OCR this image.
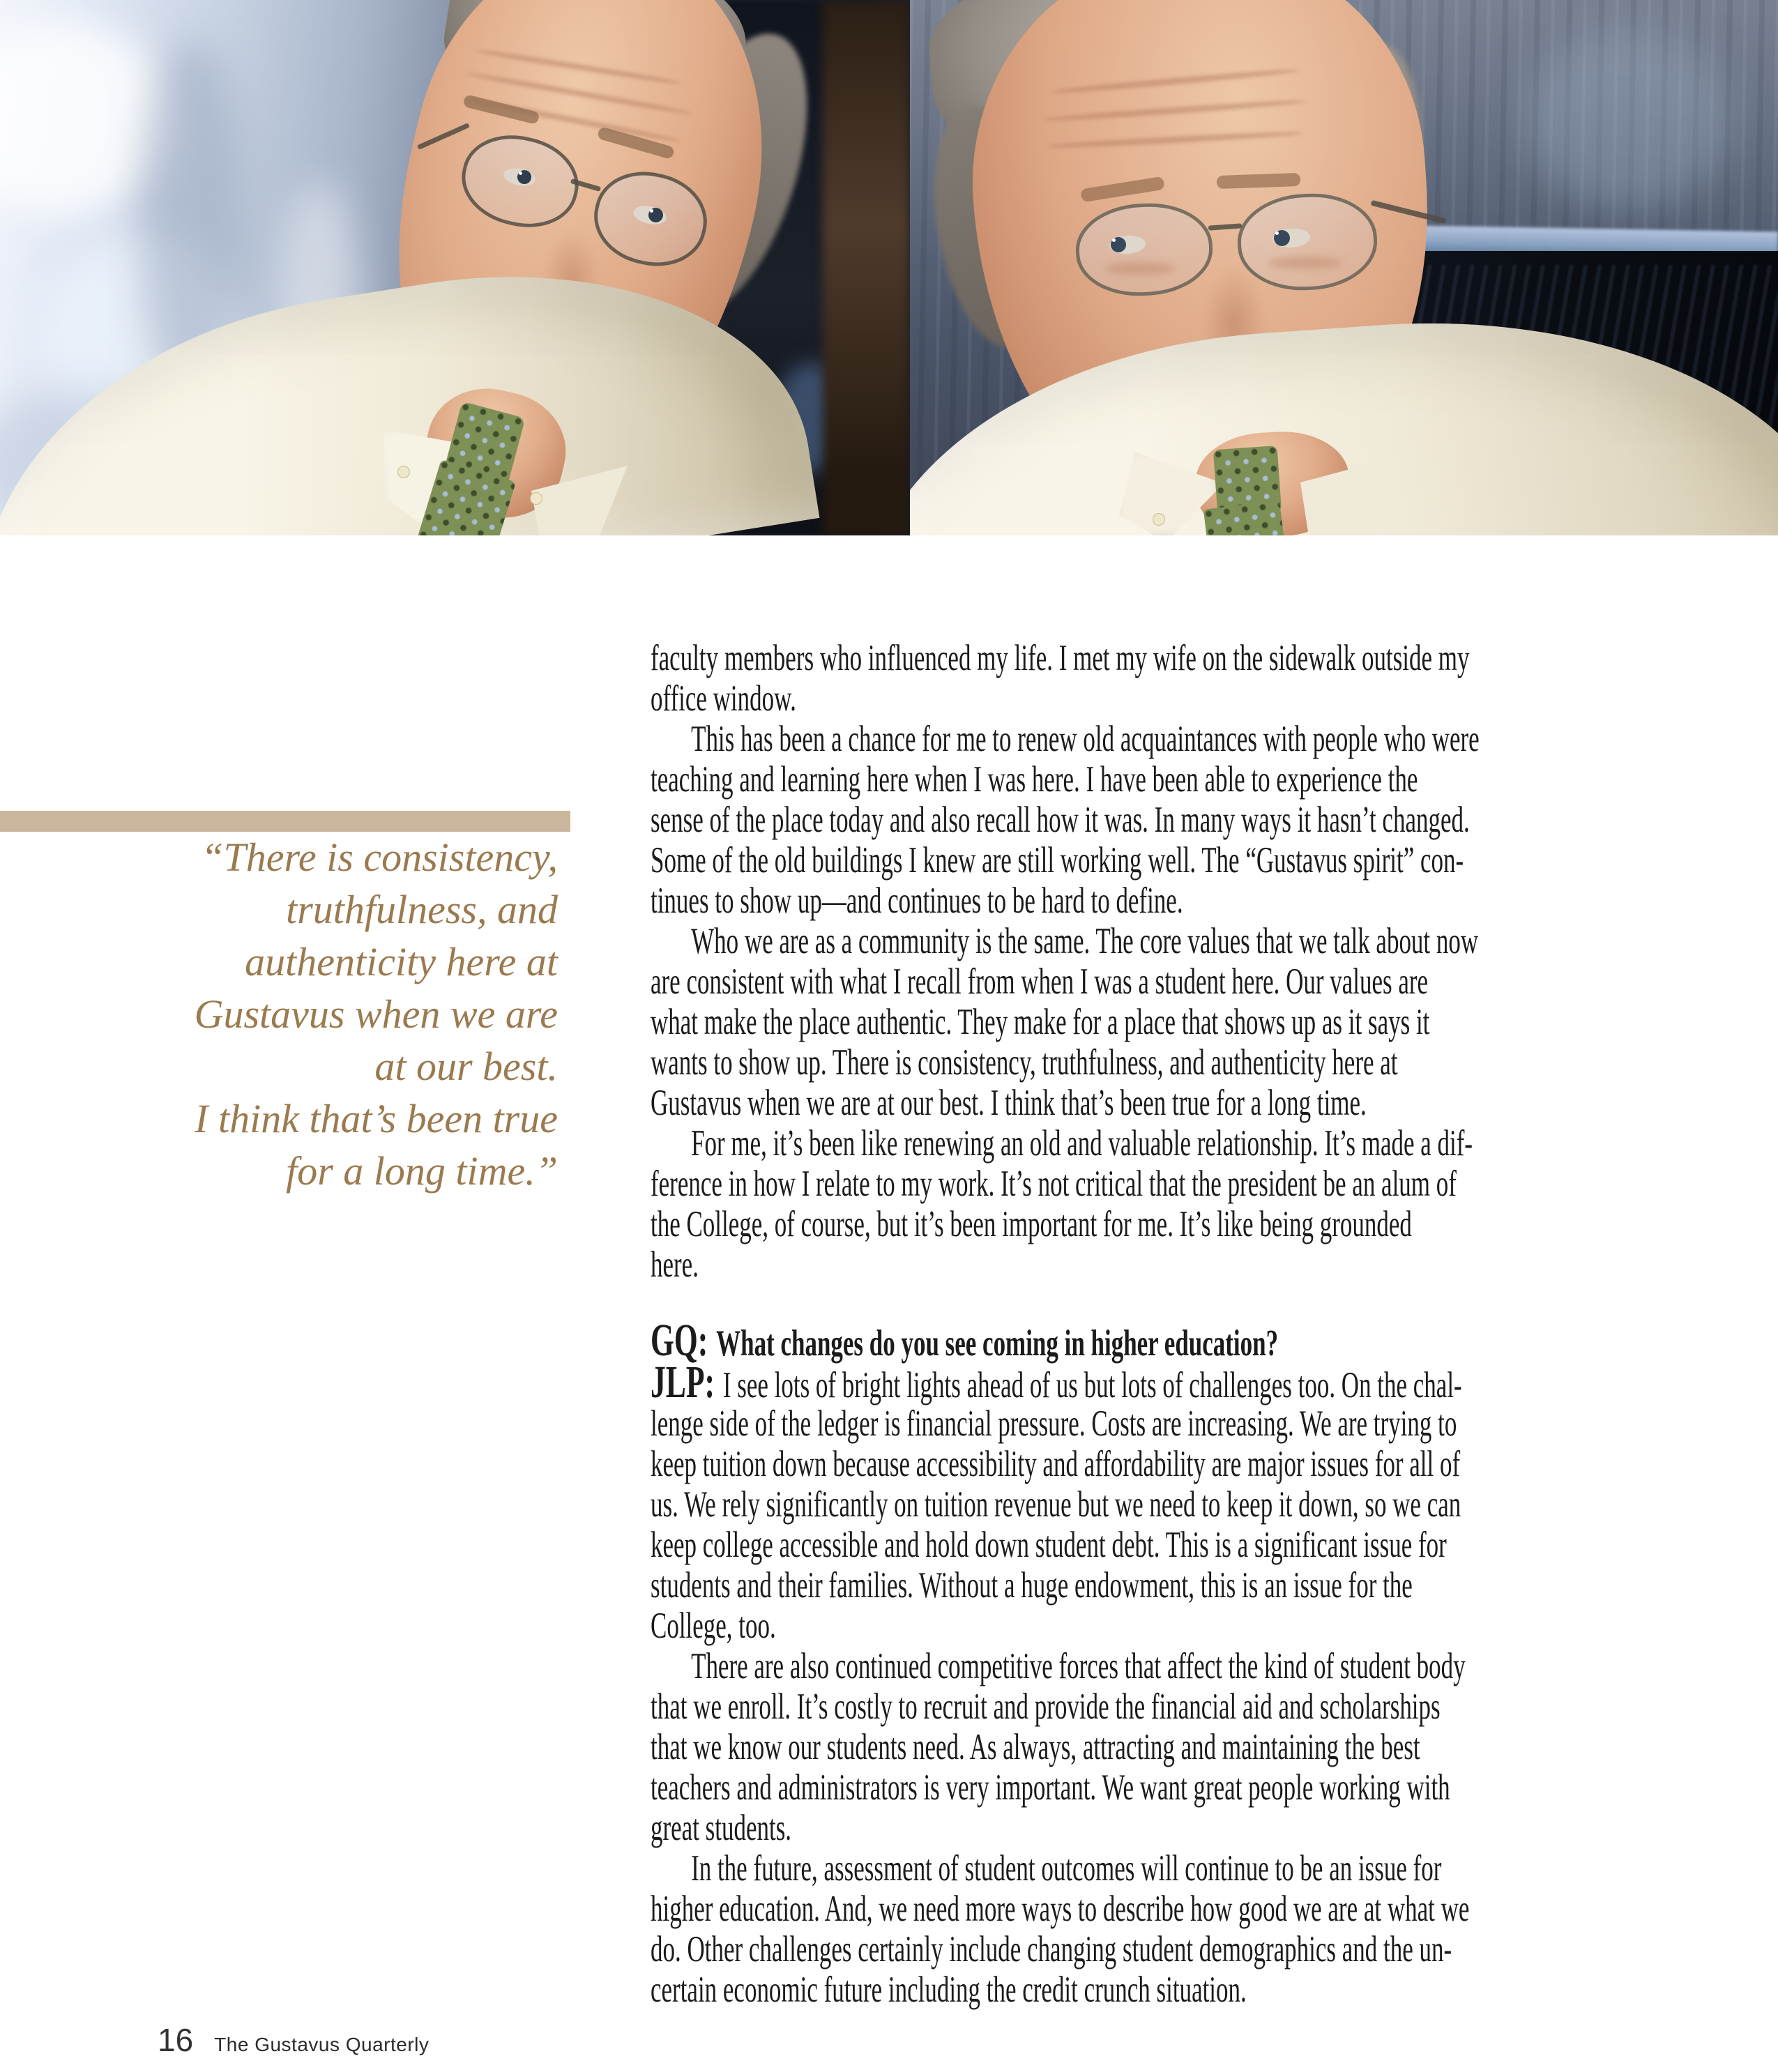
“There is consistency,
truthfulness, and
authenticity here at
Gustavus when we are
at our best.
I think that’s been true
for a long time.”
faculty members who influenced my life. I met my wife on the sidewalk outside my
office window.
This has been a chance for me to renew old acquaintances with people who were
teaching and learning here when I was here. I have been able to experience the
sense of the place today and also recall how it was. In many ways it hasn’t changed.
Some of the old buildings I knew are still working well. The “Gustavus spirit” con-
tinues to show up—and continues to be hard to define.
Who we are as a community is the same. The core values that we talk about now
are consistent with what I recall from when I was a student here. Our values are
what make the place authentic. They make for a place that shows up as it says it
wants to show up. There is consistency, truthfulness, and authenticity here at
Gustavus when we are at our best. I think that’s been true for a long time.
For me, it’s been like renewing an old and valuable relationship. It’s made a dif-
ference in how I relate to my work. It’s not critical that the president be an alum of
the College, of course, but it’s been important for me. It’s like being grounded
here.
GQ: What changes do you see coming in higher education?
JLP: I see lots of bright lights ahead of us but lots of challenges too. On the chal-
lenge side of the ledger is financial pressure. Costs are increasing. We are trying to
keep tuition down because accessibility and affordability are major issues for all of
us. We rely significantly on tuition revenue but we need to keep it down, so we can
keep college accessible and hold down student debt. This is a significant issue for
students and their families. Without a huge endowment, this is an issue for the
College, too.
There are also continued competitive forces that affect the kind of student body
that we enroll. It’s costly to recruit and provide the financial aid and scholarships
that we know our students need. As always, attracting and maintaining the best
teachers and administrators is very important. We want great people working with
great students.
In the future, assessment of student outcomes will continue to be an issue for
higher education. And, we need more ways to describe how good we are at what we
do. Other challenges certainly include changing student demographics and the un-
certain economic future including the credit crunch situation.
16 The Gustavus Quarterly
